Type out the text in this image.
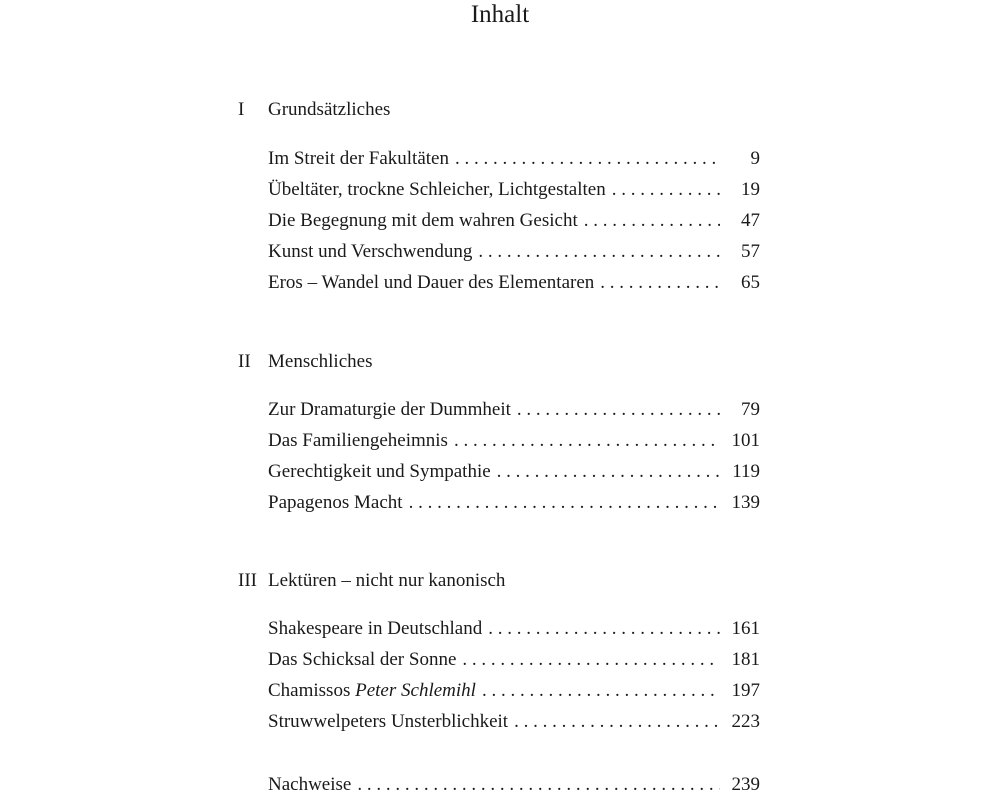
Inhalt
I Grundsätzliches
Im Streit der Fakultäten . . .	9
Übeltäter, trockne Schleicher, Lichtgestalten . . .	19
Die Begegnung mit dem wahren Gesicht . . .	47
Kunst und Verschwendung . . .	57
Eros – Wandel und Dauer des Elementaren . . .	65
II Menschliches
Zur Dramaturgie der Dummheit . . .	79
Das Familiengeheimnis . . .	101
Gerechtigkeit und Sympathie . . .	119
Papagenos Macht . . .	139
III Lektüren – nicht nur kanonisch
Shakespeare in Deutschland . . .	161
Das Schicksal der Sonne . . .	181
Chamissos Peter Schlemihl . . .	197
Struwwelpeters Unsterblichkeit . . .	223
Nachweise . . .	239
